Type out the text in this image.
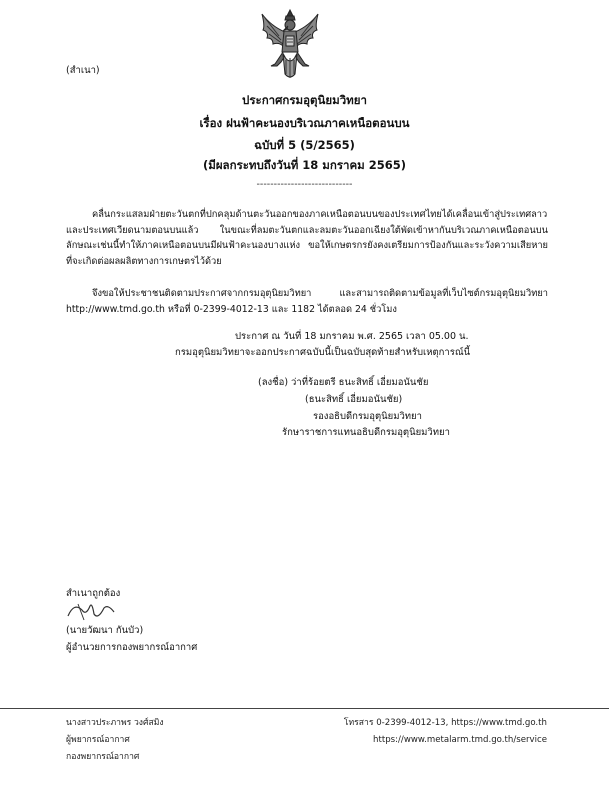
(สำเนา)
ประกาศกรมอุตุนิยมวิทยา
เรื่อง ฝนฟ้าคะนองบริเวณภาคเหนือตอนบน
ฉบับที่ 5 (5/2565)
(มีผลกระทบถึงวันที่ 18 มกราคม 2565)
----------------------------
คลื่นกระแสลมฝ่ายตะวันตกที่ปกคลุมด้านตะวันออกของภาคเหนือตอนบนของประเทศไทยได้เคลื่อนเข้าสู่ประเทศลาวและประเทศเวียดนามตอนบนแล้ว ในขณะที่ลมตะวันตกและลมตะวันออกเฉียงใต้พัดเข้าหากันบริเวณภาคเหนือตอนบน ลักษณะเช่นนี้ทำให้ภาคเหนือตอนบนมีฝนฟ้าคะนองบางแห่ง ขอให้เกษตรกรยังคงเตรียมการป้องกันและระวังความเสียหายที่จะเกิดต่อผลผลิตทางการเกษตรไว้ด้วย
จึงขอให้ประชาชนติดตามประกาศจากกรมอุตุนิยมวิทยา และสามารถติดตามข้อมูลที่เว็บไซต์กรมอุตุนิยมวิทยา http://www.tmd.go.th หรือที่ 0-2399-4012-13 และ 1182 ได้ตลอด 24 ชั่วโมง
ประกาศ ณ วันที่ 18 มกราคม พ.ศ. 2565 เวลา 05.00 น.
กรมอุตุนิยมวิทยาจะออกประกาศฉบับนี้เป็นฉบับสุดท้ายสำหรับเหตุการณ์นี้
(ลงชื่อ) ว่าที่ร้อยตรี ธนะสิทธิ์ เอี่ยมอนันชัย
(ธนะสิทธิ์ เอี่ยมอนันชัย)
รองอธิบดีกรมอุตุนิยมวิทยา
รักษาราชการแทนอธิบดีกรมอุตุนิยมวิทยา
สำเนาถูกต้อง
(นายวัฒนา กันบัว)
ผู้อำนวยการกองพยากรณ์อากาศ
นางสาวประภาพร วงศ์สมิง
ผู้พยากรณ์อากาศ
กองพยากรณ์อากาศ
โทรสาร 0-2399-4012-13, https://www.tmd.go.th
https://www.metalarm.tmd.go.th/service
